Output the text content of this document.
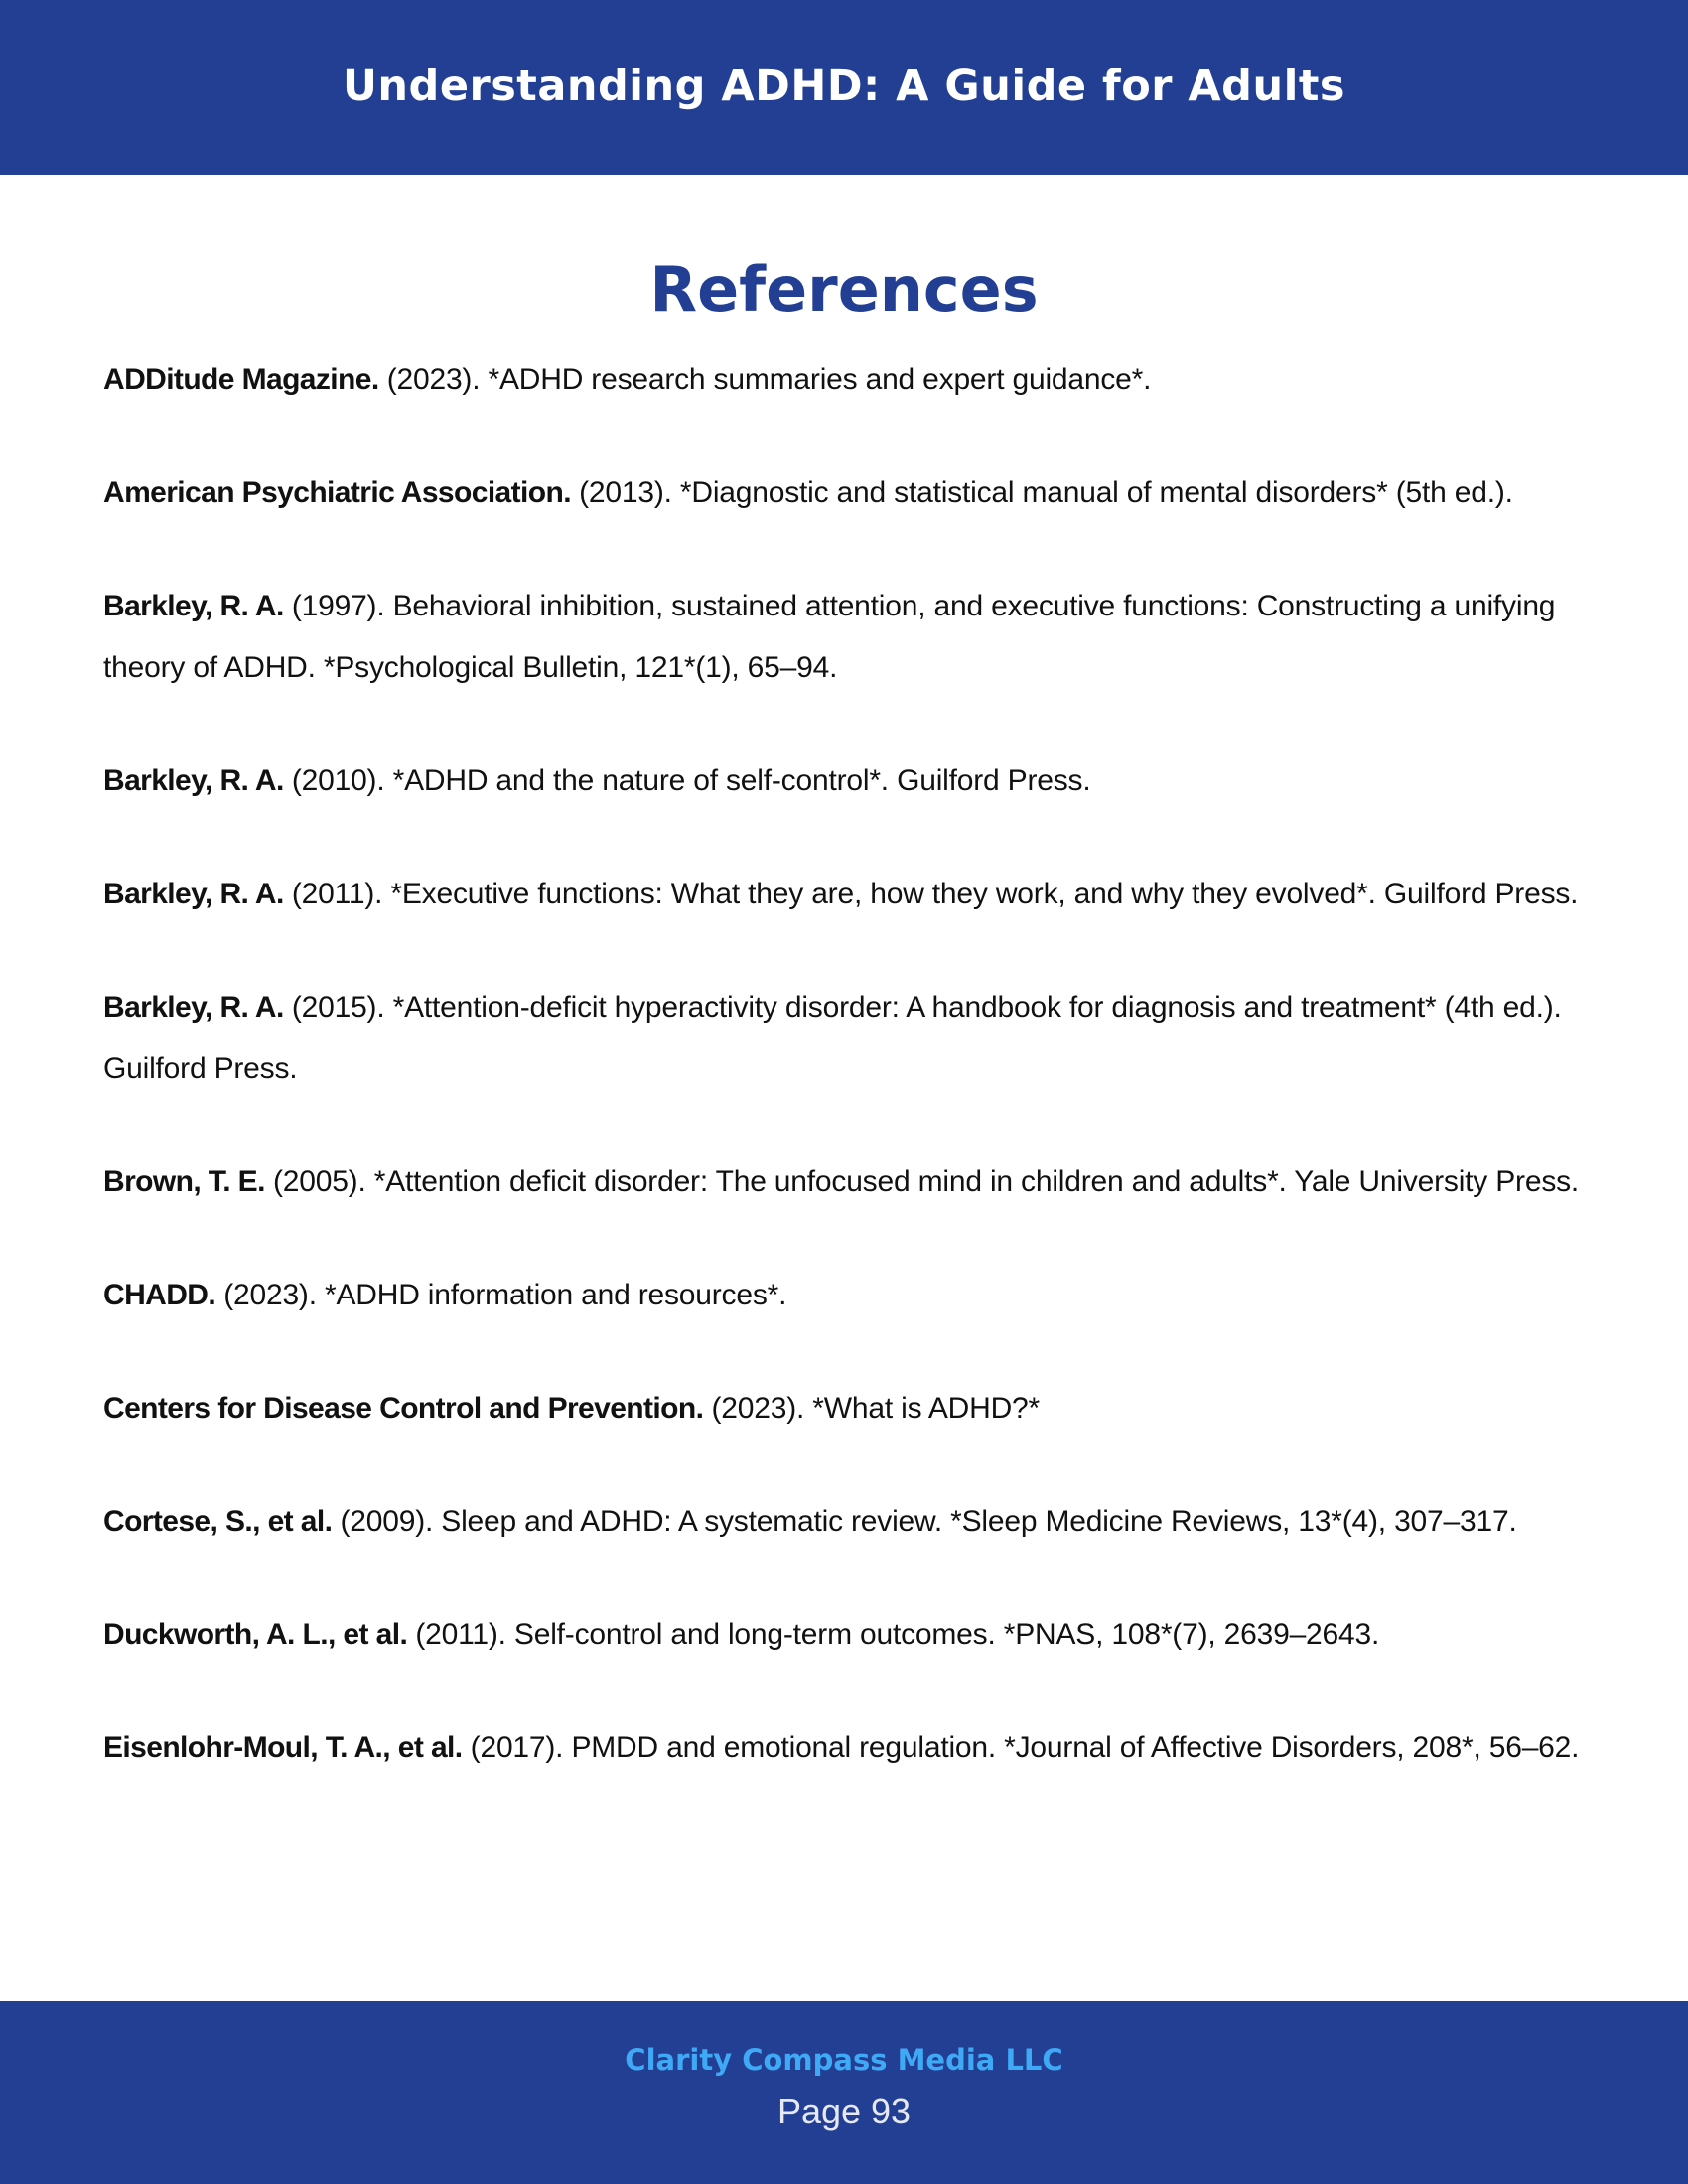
Understanding ADHD: A Guide for Adults
References
ADDitude Magazine. (2023). *ADHD research summaries and expert guidance*.
American Psychiatric Association. (2013). *Diagnostic and statistical manual of mental disorders* (5th ed.).
Barkley, R. A. (1997). Behavioral inhibition, sustained attention, and executive functions: Constructing a unifying theory of ADHD. *Psychological Bulletin, 121*(1), 65–94.
Barkley, R. A. (2010). *ADHD and the nature of self-control*. Guilford Press.
Barkley, R. A. (2011). *Executive functions: What they are, how they work, and why they evolved*. Guilford Press.
Barkley, R. A. (2015). *Attention-deficit hyperactivity disorder: A handbook for diagnosis and treatment* (4th ed.). Guilford Press.
Brown, T. E. (2005). *Attention deficit disorder: The unfocused mind in children and adults*. Yale University Press.
CHADD. (2023). *ADHD information and resources*.
Centers for Disease Control and Prevention. (2023). *What is ADHD?*
Cortese, S., et al. (2009). Sleep and ADHD: A systematic review. *Sleep Medicine Reviews, 13*(4), 307–317.
Duckworth, A. L., et al. (2011). Self-control and long-term outcomes. *PNAS, 108*(7), 2639–2643.
Eisenlohr-Moul, T. A., et al. (2017). PMDD and emotional regulation. *Journal of Affective Disorders, 208*, 56–62.
Clarity Compass Media LLC
Page 93
